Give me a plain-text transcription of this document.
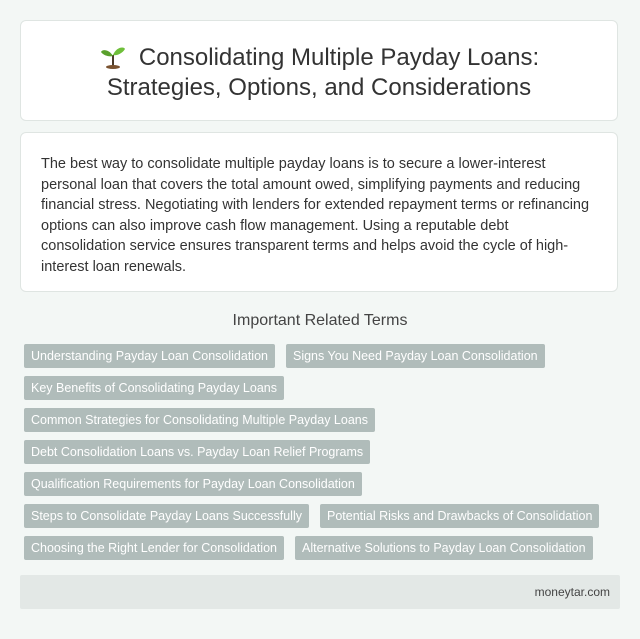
Consolidating Multiple Payday Loans:
Strategies, Options, and Considerations
The best way to consolidate multiple payday loans is to secure a lower-interest personal loan that covers the total amount owed, simplifying payments and reducing financial stress. Negotiating with lenders for extended repayment terms or refinancing options can also improve cash flow management. Using a reputable debt consolidation service ensures transparent terms and helps avoid the cycle of high-interest loan renewals.
Important Related Terms
Understanding Payday Loan Consolidation Signs You Need Payday Loan Consolidation
Key Benefits of Consolidating Payday Loans
Common Strategies for Consolidating Multiple Payday Loans
Debt Consolidation Loans vs. Payday Loan Relief Programs
Qualification Requirements for Payday Loan Consolidation
Steps to Consolidate Payday Loans Successfully Potential Risks and Drawbacks of Consolidation
Choosing the Right Lender for Consolidation Alternative Solutions to Payday Loan Consolidation
moneytar.com
